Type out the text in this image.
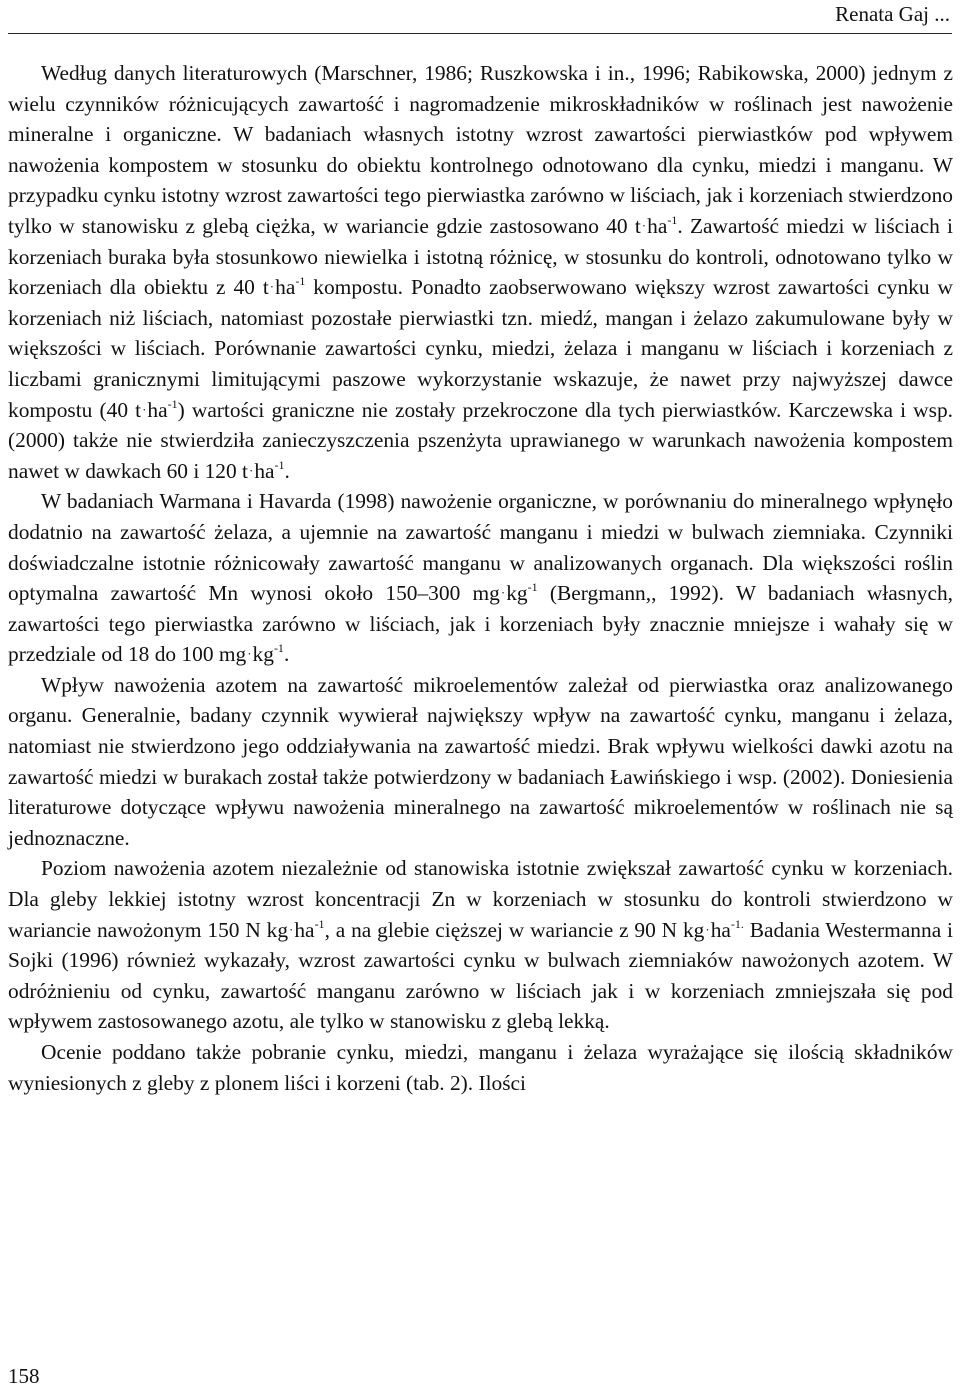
Renata Gaj ...

Według danych literaturowych (Marschner, 1986; Ruszkowska i in., 1996; Rabikowska, 2000) jednym z wielu czynników różnicujących zawartość i nagromadzenie mikroskładników w roślinach jest nawożenie mineralne i organiczne. W badaniach własnych istotny wzrost zawartości pierwiastków pod wpływem nawożenia kompostem w stosunku do obiektu kontrolnego odnotowano dla cynku, miedzi i manganu. W przypadku cynku istotny wzrost zawartości tego pierwiastka zarówno w liściach, jak i korzeniach stwierdzono tylko w stanowisku z glebą ciężka, w wariancie gdzie zastosowano 40 $t\cdot ha^{-1}$. Zawartość miedzi w liściach i korzeniach buraka była stosunkowo niewielka i istotną różnicę, w stosunku do kontroli, odnotowano tylko w korzeniach dla obiektu z 40 $t\cdot ha^{-1}$ kompostu. Ponadto zaobserwowano większy wzrost zawartości cynku w korzeniach niż liściach, natomiast pozostałe pierwiastki tzn. miedź, mangan i żelazo zakumulowane były w większości w liściach. Porównanie zawartości cynku, miedzi, żelaza i manganu w liściach i korzeniach z liczbami granicznymi limitującymi paszowe wykorzystanie wskazuje, że nawet przy najwyższej dawce kompostu (40 $t\cdot ha^{-1}$) wartości graniczne nie zostały przekroczone dla tych pierwiastków. Karczewska i wsp. (2000) także nie stwierdziła zanieczyszczenia pszenżyta uprawianego w warunkach nawożenia kompostem nawet w dawkach 60 i 120 $t\cdot ha^{-1}$.

W badaniach Warmana i Havarda (1998) nawożenie organiczne, w porównaniu do mineralnego wpłynęło dodatnio na zawartość żelaza, a ujemnie na zawartość manganu i miedzi w bulwach ziemniaka. Czynniki doświadczalne istotnie różnicowały zawartość manganu w analizowanych organach. Dla większości roślin optymalna zawartość Mn wynosi około 150–300 $mg\cdot kg^{-1}$ (Bergmann,, 1992). W badaniach własnych, zawartości tego pierwiastka zarówno w liściach, jak i korzeniach były znacznie mniejsze i wahały się w przedziale od 18 do 100 $mg\cdot kg^{-1}$.

Wpływ nawożenia azotem na zawartość mikroelementów zależał od pierwiastka oraz analizowanego organu. Generalnie, badany czynnik wywierał największy wpływ na zawartość cynku, manganu i żelaza, natomiast nie stwierdzono jego oddziaływania na zawartość miedzi. Brak wpływu wielkości dawki azotu na zawartość miedzi w burakach został także potwierdzony w badaniach Ławińskiego i wsp. (2002). Doniesienia literaturowe dotyczące wpływu nawożenia mineralnego na zawartość mikroelementów w roślinach nie są jednoznaczne.

Poziom nawożenia azotem niezależnie od stanowiska istotnie zwiększał zawartość cynku w korzeniach. Dla gleby lekkiej istotny wzrost koncentracji Zn w korzeniach w stosunku do kontroli stwierdzono w wariancie nawożonym 150 N $kg\cdot ha^{-1}$, a na glebie cięższej w wariancie z 90 N $kg\cdot ha^{-1.}$ Badania Westermanna i Sojki (1996) również wykazały, wzrost zawartości cynku w bulwach ziemniaków nawożonych azotem. W odróżnieniu od cynku, zawartość manganu zarówno w liściach jak i w korzeniach zmniejszała się pod wpływem zastosowanego azotu, ale tylko w stanowisku z glebą lekką.

Ocenie poddano także pobranie cynku, miedzi, manganu i żelaza wyrażające się ilością składników wyniesionych z gleby z plonem liści i korzeni (tab. 2). Ilości

158
